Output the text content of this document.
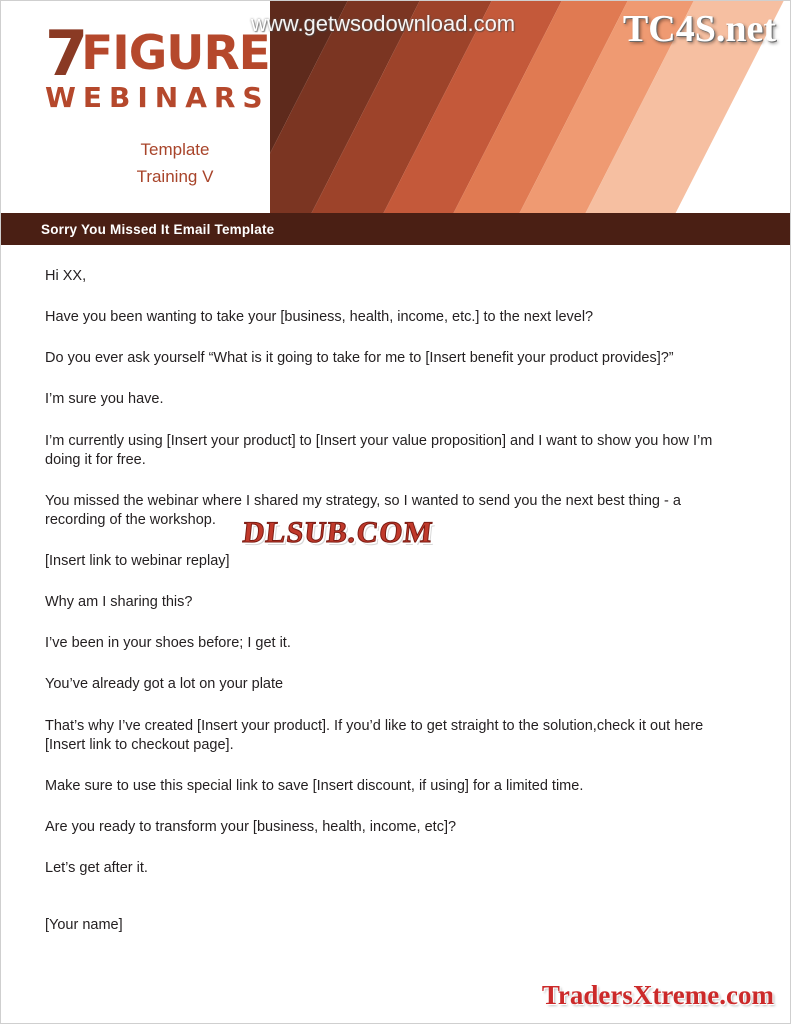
7FIGURE
WEBINARS
Template
Training V
www.getwsodownload.com	TC4S.net
Sorry You Missed It Email Template

Hi XX,

Have you been wanting to take your [business, health, income, etc.] to the next level?

Do you ever ask yourself “What is it going to take for me to [Insert benefit your product provides]?”

I’m sure you have.

I’m currently using [Insert your product] to [Insert your value proposition] and I want to show you how I’m doing it for free.

You missed the webinar where I shared my strategy, so I wanted to send you the next best thing - a recording of the workshop.

[Insert link to webinar replay]

Why am I sharing this?

I’ve been in your shoes before; I get it.

You’ve already got a lot on your plate

That’s why I’ve created [Insert your product]. If you’d like to get straight to the solution,check it out here [Insert link to checkout page].

Make sure to use this special link to save [Insert discount, if using] for a limited time.

Are you ready to transform your [business, health, income, etc]?

Let’s get after it.

[Your name]

DLSUB.COM
TradersXtreme.com
